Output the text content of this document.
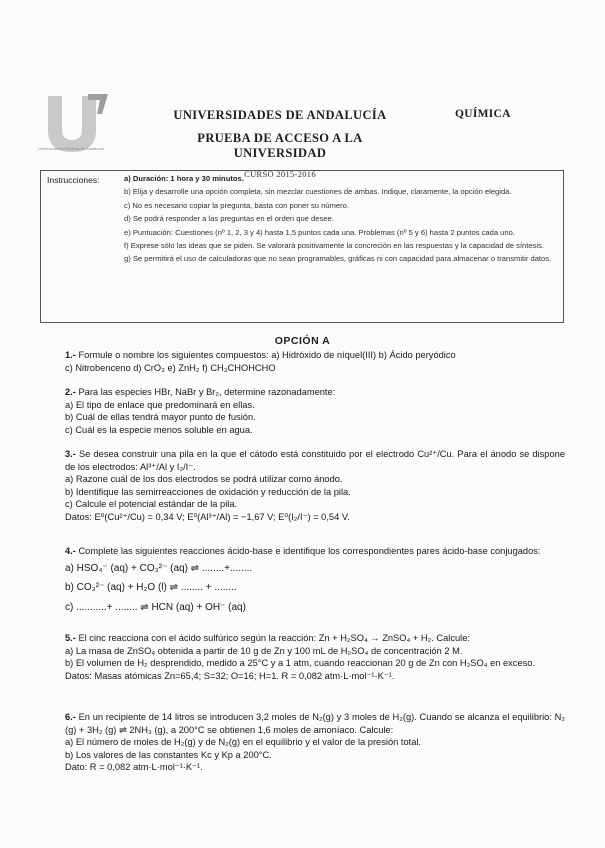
Universidades Públicas de Andalucía
UNIVERSIDADES DE ANDALUCÍA
PRUEBA DE ACCESO A LA UNIVERSIDAD
CURSO 2015-2016
QUÍMICA
Instrucciones:	a) Duración: 1 hora y 30 minutos.
b) Elija y desarrolle una opción completa, sin mezclar cuestiones de ambas. Indique, claramente, la opción elegida.
c) No es necesario copiar la pregunta, basta con poner su número.
d) Se podrá responder a las preguntas en el orden que desee.
e) Puntuación: Cuestiones (nº 1, 2, 3 y 4) hasta 1,5 puntos cada una. Problemas (nº 5 y 6) hasta 2 puntos cada uno.
f) Exprese sólo las ideas que se piden. Se valorará positivamente la concreción en las respuestas y la capacidad de síntesis.
g) Se permitirá el uso de calculadoras que no sean programables, gráficas ni con capacidad para almacenar o transmitir datos.
OPCIÓN A
1.- Formule o nombre los siguientes compuestos: a) Hidróxido de níquel(III) b) Ácido peryódico
c) Nitrobenceno d) CrO₃ e) ZnH₂ f) CH₃CHOHCHO
2.- Para las especies HBr, NaBr y Br₂, determine razonadamente:
a) El tipo de enlace que predominará en ellas.
b) Cuál de ellas tendrá mayor punto de fusión.
c) Cuál es la especie menos soluble en agua.
3.- Se desea construir una pila en la que el cátodo está constituido por el electrodo Cu²⁺/Cu. Para el ánodo se dispone de los electrodos: Al³⁺/Al y I₂/I⁻.
a) Razone cuál de los dos electrodos se podrá utilizar como ánodo.
b) Identifique las semirreacciones de oxidación y reducción de la pila.
c) Calcule el potencial estándar de la pila.
Datos: E⁰(Cu²⁺/Cu) = 0,34 V; E⁰(Al³⁺/Al) = −1,67 V; E⁰(I₂/I⁻) = 0,54 V.
4.- Complete las siguientes reacciones ácido-base e identifique los correspondientes pares ácido-base conjugados:
a) HSO₄⁻ (aq) + CO₃²⁻ (aq) ⇌ ........+........
b) CO₃²⁻ (aq) + H₂O (l) ⇌ ........ + ........
c) ...........+ ........ ⇌ HCN (aq) + OH⁻ (aq)
5.- El cinc reacciona con el ácido sulfúrico según la reacción: Zn + H₂SO₄ → ZnSO₄ + H₂. Calcule:
a) La masa de ZnSO₄ obtenida a partir de 10 g de Zn y 100 mL de H₂SO₄ de concentración 2 M.
b) El volumen de H₂ desprendido, medido a 25°C y a 1 atm, cuando reaccionan 20 g de Zn con H₂SO₄ en exceso.
Datos: Masas atómicas Zn=65,4; S=32; O=16; H=1. R = 0,082 atm·L·mol⁻¹·K⁻¹.
6.- En un recipiente de 14 litros se introducen 3,2 moles de N₂(g) y 3 moles de H₂(g). Cuando se alcanza el equilibrio: N₂ (g) + 3H₂ (g) ⇌ 2NH₃ (g), a 200°C se obtienen 1,6 moles de amoníaco. Calcule:
a) El número de moles de H₂(g) y de N₂(g) en el equilibrio y el valor de la presión total.
b) Los valores de las constantes Kc y Kp a 200°C.
Dato: R = 0,082 atm·L·mol⁻¹·K⁻¹.
